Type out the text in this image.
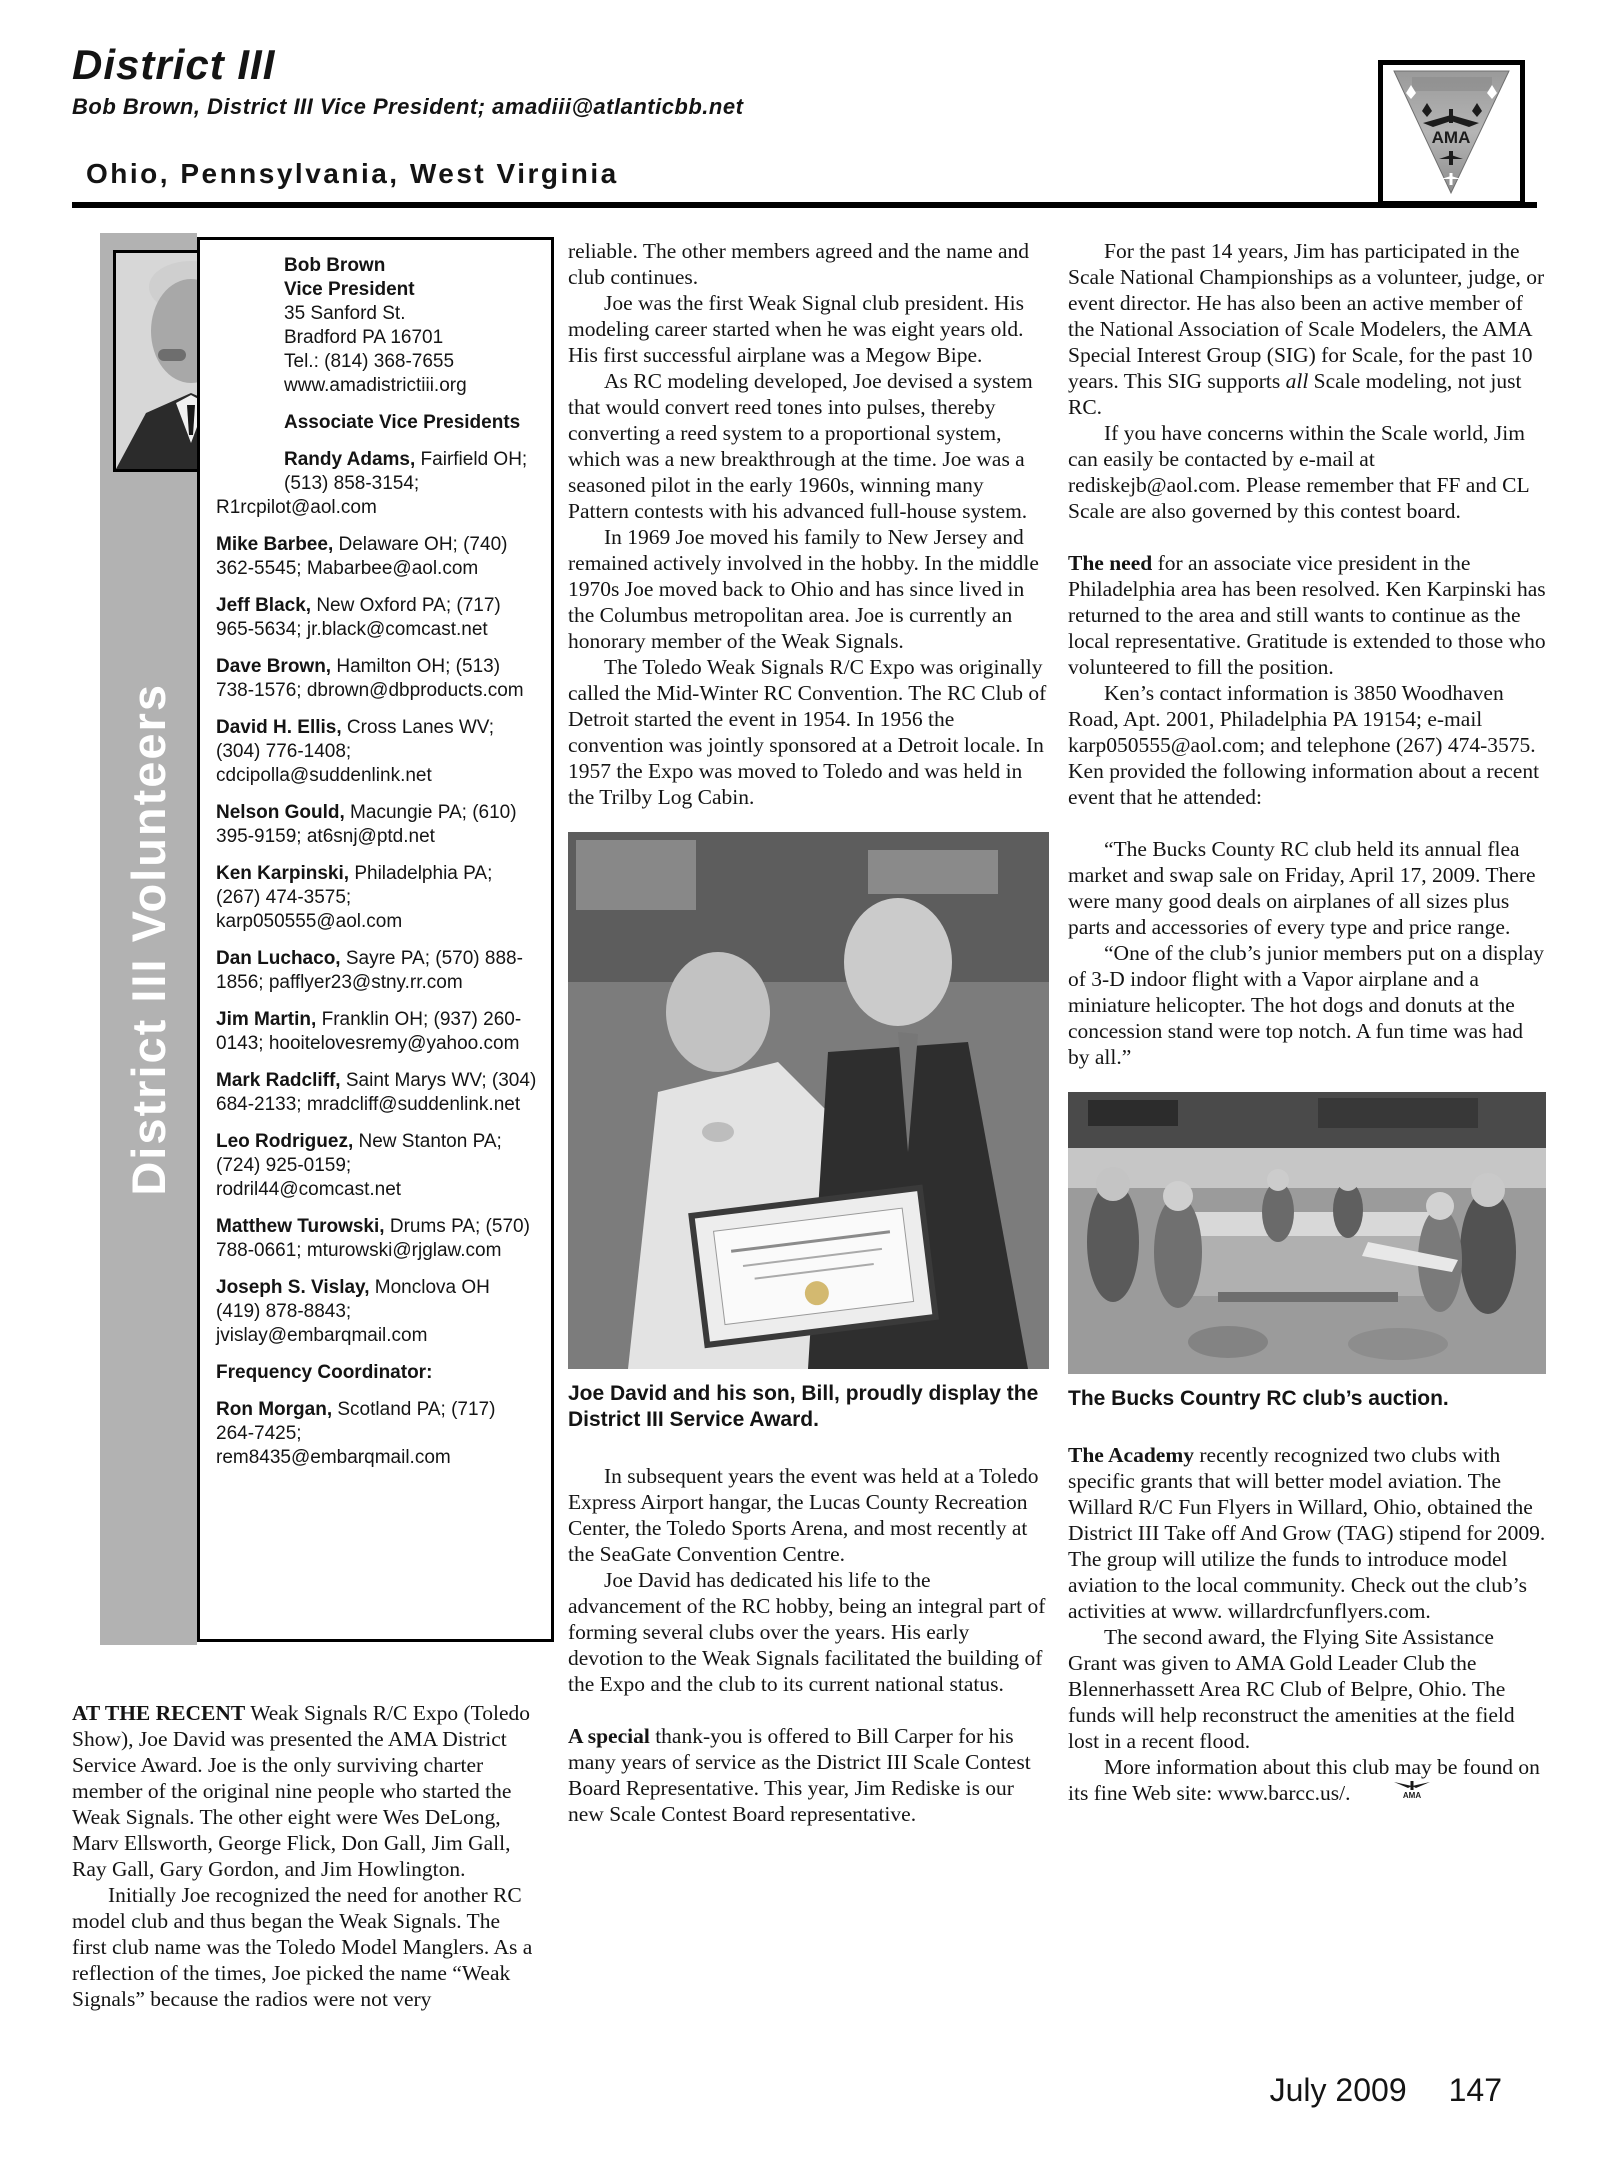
District III
Bob Brown, District III Vice President; amadiii@atlanticbb.net
Ohio, Pennsylvania, West Virginia
AMA
District III Volunteers
Bob Brown
Vice President
35 Sanford St.
Bradford PA 16701
Tel.: (814) 368-7655
www.amadistrictiii.org
Associate Vice Presidents

Randy Adams, Fairfield OH; (513) 858-3154; R1rcpilot@aol.com

Mike Barbee, Delaware OH; (740) 362-5545; Mabarbee@aol.com

Jeff Black, New Oxford PA; (717) 965-5634; jr.black@comcast.net

Dave Brown, Hamilton OH; (513) 738-1576; dbrown@dbproducts.com

David H. Ellis, Cross Lanes WV; (304) 776-1408; cdcipolla@suddenlink.net

Nelson Gould, Macungie PA; (610) 395-9159; at6snj@ptd.net

Ken Karpinski, Philadelphia PA; (267) 474-3575; karp050555@aol.com

Dan Luchaco, Sayre PA; (570) 888-1856; pafflyer23@stny.rr.com

Jim Martin, Franklin OH; (937) 260-0143; hooitelovesremy@yahoo.com

Mark Radcliff, Saint Marys WV; (304) 684-2133; mradcliff@suddenlink.net

Leo Rodriguez, New Stanton PA; (724) 925-0159; rodril44@comcast.net

Matthew Turowski, Drums PA; (570) 788-0661; mturowski@rjglaw.com

Joseph S. Vislay, Monclova OH (419) 878-8843; jvislay@embarqmail.com

Frequency Coordinator:

Ron Morgan, Scotland PA; (717) 264-7425; rem8435@embarqmail.com

AT THE RECENT Weak Signals R/C Expo (Toledo Show), Joe David was presented the AMA District Service Award. Joe is the only surviving charter member of the original nine people who started the Weak Signals. The other eight were Wes DeLong, Marv Ellsworth, George Flick, Don Gall, Jim Gall, Ray Gall, Gary Gordon, and Jim Howlington.

Initially Joe recognized the need for another RC model club and thus began the Weak Signals. The first club name was the Toledo Model Manglers. As a reflection of the times, Joe picked the name “Weak Signals” because the radios were not very

reliable. The other members agreed and the name and club continues.

Joe was the first Weak Signal club president. His modeling career started when he was eight years old. His first successful airplane was a Megow Bipe.

As RC modeling developed, Joe devised a system that would convert reed tones into pulses, thereby converting a reed system to a proportional system, which was a new breakthrough at the time. Joe was a seasoned pilot in the early 1960s, winning many Pattern contests with his advanced full-house system.

In 1969 Joe moved his family to New Jersey and remained actively involved in the hobby. In the middle 1970s Joe moved back to Ohio and has since lived in the Columbus metropolitan area. Joe is currently an honorary member of the Weak Signals.

The Toledo Weak Signals R/C Expo was originally called the Mid-Winter RC Convention. The RC Club of Detroit started the event in 1954. In 1956 the convention was jointly sponsored at a Detroit locale. In 1957 the Expo was moved to Toledo and was held in the Trilby Log Cabin.

Joe David and his son, Bill, proudly display the District III Service Award.

In subsequent years the event was held at a Toledo Express Airport hangar, the Lucas County Recreation Center, the Toledo Sports Arena, and most recently at the SeaGate Convention Centre.

Joe David has dedicated his life to the advancement of the RC hobby, being an integral part of forming several clubs over the years. His early devotion to the Weak Signals facilitated the building of the Expo and the club to its current national status.

A special thank-you is offered to Bill Carper for his many years of service as the District III Scale Contest Board Representative. This year, Jim Rediske is our new Scale Contest Board representative.

For the past 14 years, Jim has participated in the Scale National Championships as a volunteer, judge, or event director. He has also been an active member of the National Association of Scale Modelers, the AMA Special Interest Group (SIG) for Scale, for the past 10 years. This SIG supports all Scale modeling, not just RC.

If you have concerns within the Scale world, Jim can easily be contacted by e-mail at rediskejb@aol.com. Please remember that FF and CL Scale are also governed by this contest board.

The need for an associate vice president in the Philadelphia area has been resolved. Ken Karpinski has returned to the area and still wants to continue as the local representative. Gratitude is extended to those who volunteered to fill the position.

Ken’s contact information is 3850 Woodhaven Road, Apt. 2001, Philadelphia PA 19154; e-mail karp050555@aol.com; and telephone (267) 474-3575. Ken provided the following information about a recent event that he attended:

“The Bucks County RC club held its annual flea market and swap sale on Friday, April 17, 2009. There were many good deals on airplanes of all sizes plus parts and accessories of every type and price range.

“One of the club’s junior members put on a display of 3-D indoor flight with a Vapor airplane and a miniature helicopter. The hot dogs and donuts at the concession stand were top notch. A fun time was had by all.”

The Bucks Country RC club’s auction.

The Academy recently recognized two clubs with specific grants that will better model aviation. The Willard R/C Fun Flyers in Willard, Ohio, obtained the District III Take off And Grow (TAG) stipend for 2009. The group will utilize the funds to introduce model aviation to the local community. Check out the club’s activities at www. willardrcfunflyers.com.

The second award, the Flying Site Assistance Grant was given to AMA Gold Leader Club the Blennerhassett Area RC Club of Belpre, Ohio. The funds will help reconstruct the amenities at the field lost in a recent flood.

More information about this club may be found on its fine Web site: www.barcc.us/.	AMA

July 2009 147
